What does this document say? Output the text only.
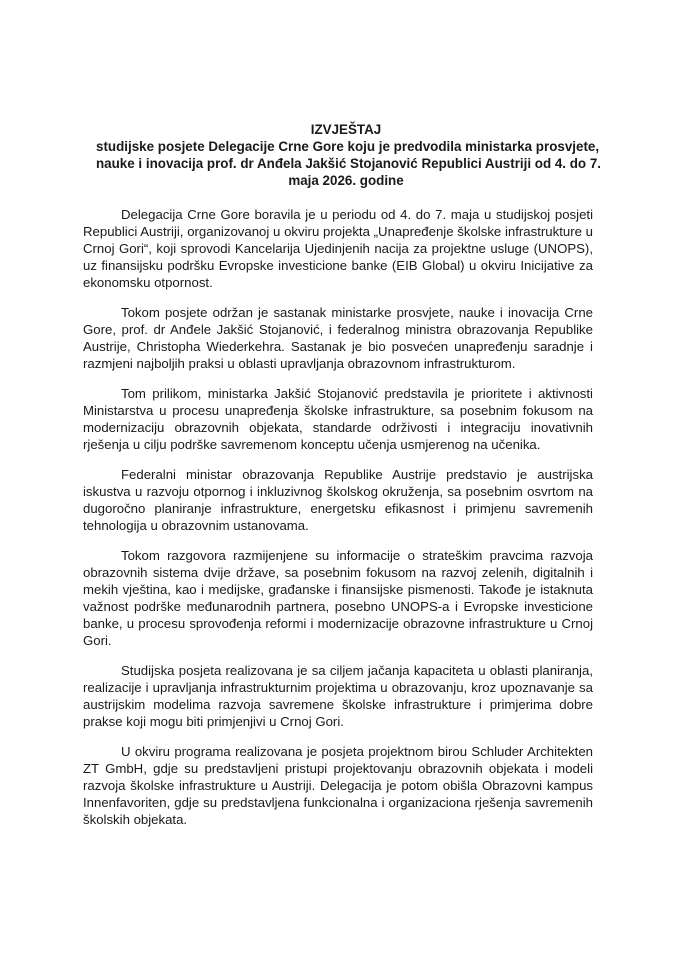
IZVJEŠTAJ
studijske posjete Delegacije Crne Gore koju je predvodila ministarka prosvjete,
nauke i inovacija prof. dr Anđela Jakšić Stojanović Republici Austriji od 4. do 7.
maja 2026. godine

Delegacija Crne Gore boravila je u periodu od 4. do 7. maja u studijskoj posjeti Republici Austriji, organizovanoj u okviru projekta „Unapređenje školske infrastrukture u Crnoj Gori“, koji sprovodi Kancelarija Ujedinjenih nacija za projektne usluge (UNOPS), uz finansijsku podršku Evropske investicione banke (EIB Global) u okviru Inicijative za ekonomsku otpornost.

Tokom posjete održan je sastanak ministarke prosvjete, nauke i inovacija Crne Gore, prof. dr Anđele Jakšić Stojanović, i federalnog ministra obrazovanja Republike Austrije, Christopha Wiederkehra. Sastanak je bio posvećen unapređenju saradnje i razmjeni najboljih praksi u oblasti upravljanja obrazovnom infrastrukturom.

Tom prilikom, ministarka Jakšić Stojanović predstavila je prioritete i aktivnosti Ministarstva u procesu unapređenja školske infrastrukture, sa posebnim fokusom na modernizaciju obrazovnih objekata, standarde održivosti i integraciju inovativnih rješenja u cilju podrške savremenom konceptu učenja usmjerenog na učenika.

Federalni ministar obrazovanja Republike Austrije predstavio je austrijska iskustva u razvoju otpornog i inkluzivnog školskog okruženja, sa posebnim osvrtom na dugoročno planiranje infrastrukture, energetsku efikasnost i primjenu savremenih tehnologija u obrazovnim ustanovama.

Tokom razgovora razmijenjene su informacije o strateškim pravcima razvoja obrazovnih sistema dvije države, sa posebnim fokusom na razvoj zelenih, digitalnih i mekih vještina, kao i medijske, građanske i finansijske pismenosti. Takođe je istaknuta važnost podrške međunarodnih partnera, posebno UNOPS-a i Evropske investicione banke, u procesu sprovođenja reformi i modernizacije obrazovne infrastrukture u Crnoj Gori.

Studijska posjeta realizovana je sa ciljem jačanja kapaciteta u oblasti planiranja, realizacije i upravljanja infrastrukturnim projektima u obrazovanju, kroz upoznavanje sa austrijskim modelima razvoja savremene školske infrastrukture i primjerima dobre prakse koji mogu biti primjenjivi u Crnoj Gori.

U okviru programa realizovana je posjeta projektnom birou Schluder Architekten ZT GmbH, gdje su predstavljeni pristupi projektovanju obrazovnih objekata i modeli razvoja školske infrastrukture u Austriji. Delegacija je potom obišla Obrazovni kampus Innenfavoriten, gdje su predstavljena funkcionalna i organizaciona rješenja savremenih školskih objekata.
